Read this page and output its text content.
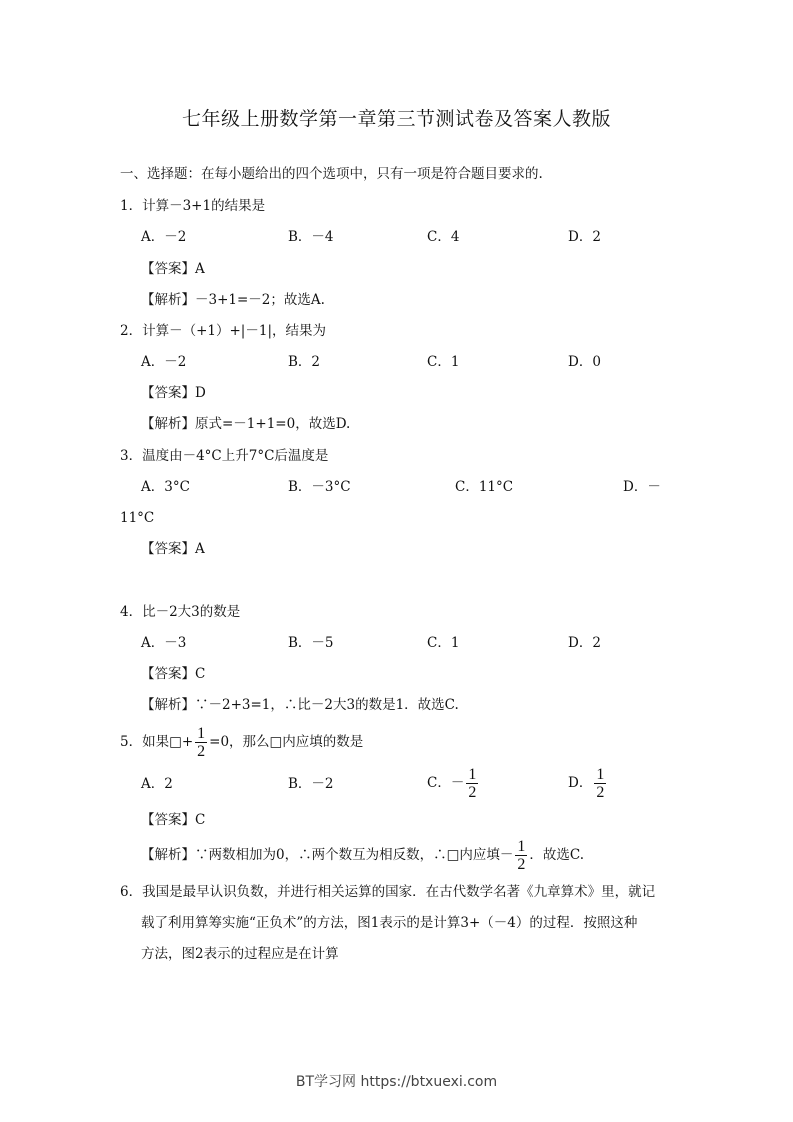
七年级上册数学第一章第三节测试卷及答案人教版
一、选择题：在每小题给出的四个选项中，只有一项是符合题目要求的.
1．计算－3+1的结果是
A．－2	B．－4	C．4	D．2
【答案】A
【解析】－3+1=－2；故选A.
2．计算－（+1）+|－1|，结果为
A．－2	B．2	C．1	D．0
【答案】D
【解析】原式=－1+1=0，故选D.
3．温度由－4°C上升7°C后温度是
A．3°C	B．－3°C	C．11°C	D．－
11°C
【答案】A
4．比－2大3的数是
A．－3	B．－5	C．1	D．2
【答案】C
【解析】∵－2+3=1，∴比－2大3的数是1．故选C.
5．如果□+ $\frac{1}{2} =0$，那么□内应填的数是
A．2	B．－2	C．－ $\frac{1}{2}$	D． $\frac{1}{2}$
【答案】C
【解析】∵两数相加为0，∴两个数互为相反数，∴□内应填－ $\frac{1}{2}$ ．故选C.
6．我国是最早认识负数，并进行相关运算的国家．在古代数学名著《九章算术》里，就记
载了利用算筹实施“正负术”的方法，图1表示的是计算3+（－4）的过程．按照这种
方法，图2表示的过程应是在计算
BT学习网 https://btxuexi.com
